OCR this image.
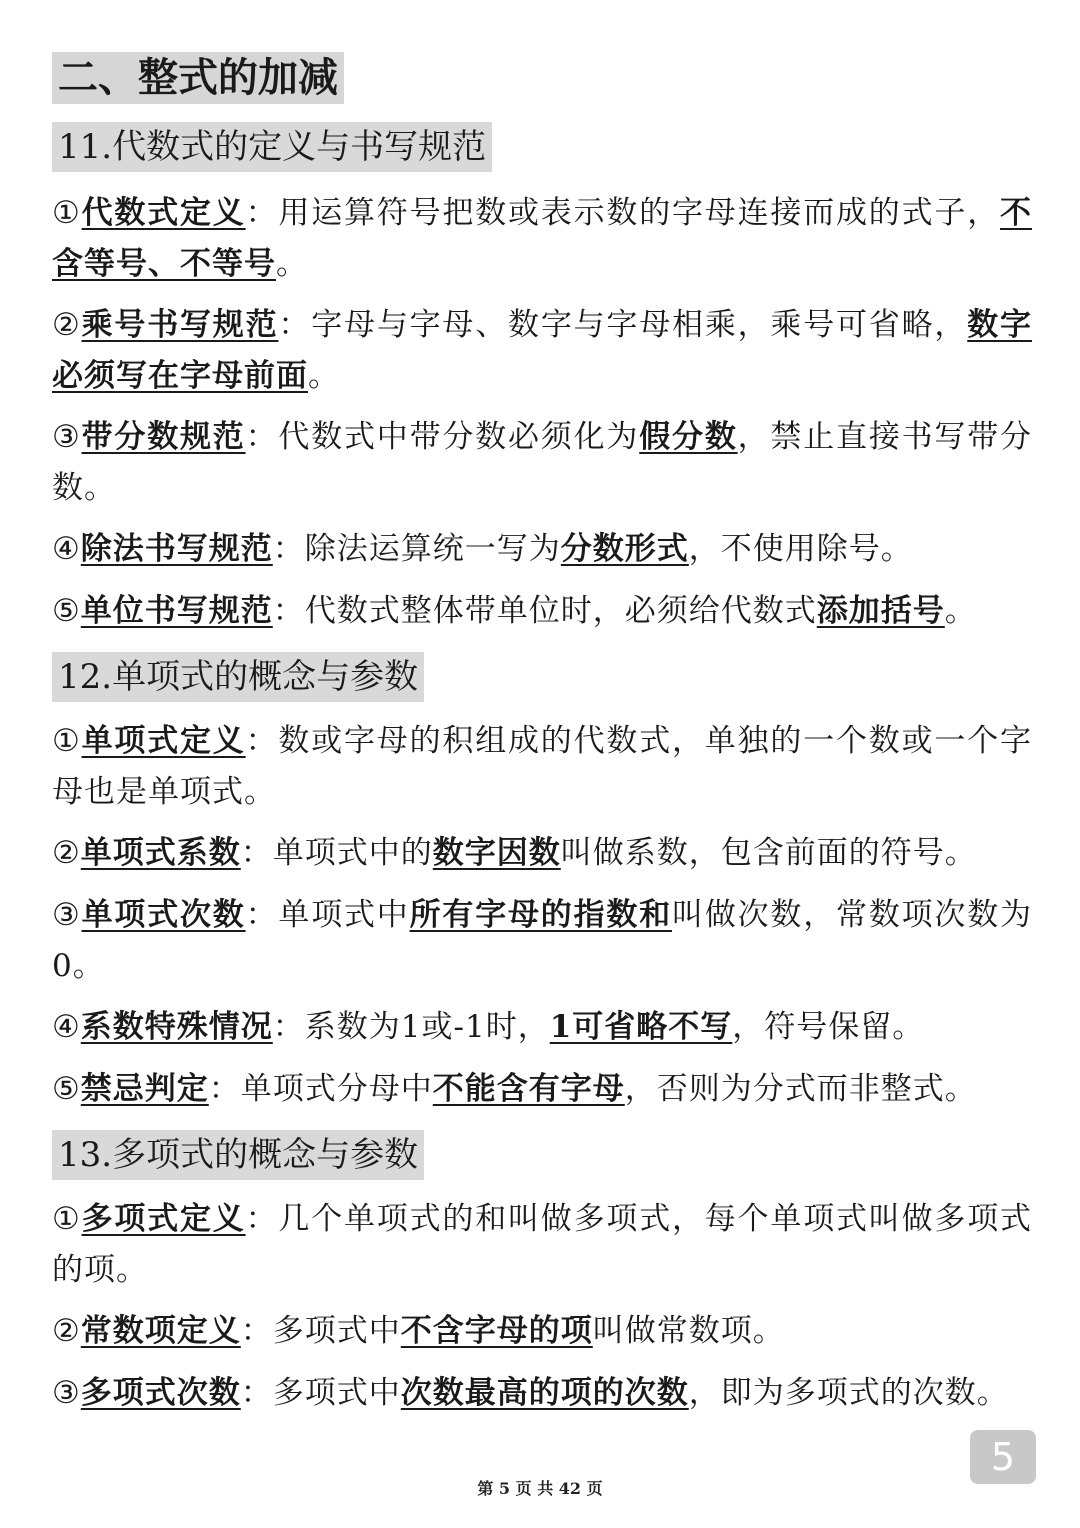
二、整式的加减
11.代数式的定义与书写规范
①代数式定义：用运算符号把数或表示数的字母连接而成的式子，不含等号、不等号。
②乘号书写规范：字母与字母、数字与字母相乘，乘号可省略，数字必须写在字母前面。
③带分数规范：代数式中带分数必须化为假分数，禁止直接书写带分数。
④除法书写规范：除法运算统一写为分数形式，不使用除号。
⑤单位书写规范：代数式整体带单位时，必须给代数式添加括号。
12.单项式的概念与参数
①单项式定义：数或字母的积组成的代数式，单独的一个数或一个字母也是单项式。
②单项式系数：单项式中的数字因数叫做系数，包含前面的符号。
③单项式次数：单项式中所有字母的指数和叫做次数，常数项次数为0。
④系数特殊情况：系数为1或-1时，1可省略不写，符号保留。
⑤禁忌判定：单项式分母中不能含有字母，否则为分式而非整式。
13.多项式的概念与参数
①多项式定义：几个单项式的和叫做多项式，每个单项式叫做多项式的项。
②常数项定义：多项式中不含字母的项叫做常数项。
③多项式次数：多项式中次数最高的项的次数，即为多项式的次数。
5
第 5 页 共 42 页
